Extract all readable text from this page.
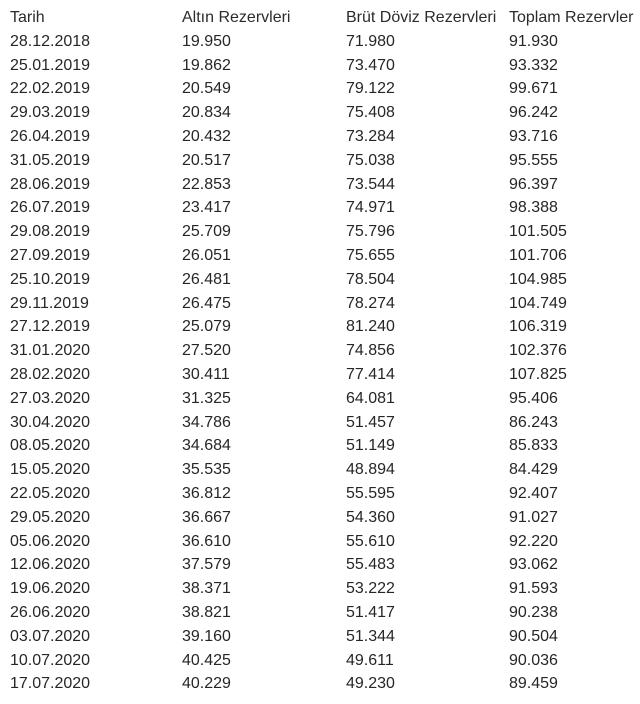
Tarih	Altın Rezervleri	Brüt Döviz Rezervleri	Toplam Rezervler
28.12.2018	19.950	71.980	91.930
25.01.2019	19.862	73.470	93.332
22.02.2019	20.549	79.122	99.671
29.03.2019	20.834	75.408	96.242
26.04.2019	20.432	73.284	93.716
31.05.2019	20.517	75.038	95.555
28.06.2019	22.853	73.544	96.397
26.07.2019	23.417	74.971	98.388
29.08.2019	25.709	75.796	101.505
27.09.2019	26.051	75.655	101.706
25.10.2019	26.481	78.504	104.985
29.11.2019	26.475	78.274	104.749
27.12.2019	25.079	81.240	106.319
31.01.2020	27.520	74.856	102.376
28.02.2020	30.411	77.414	107.825
27.03.2020	31.325	64.081	95.406
30.04.2020	34.786	51.457	86.243
08.05.2020	34.684	51.149	85.833
15.05.2020	35.535	48.894	84.429
22.05.2020	36.812	55.595	92.407
29.05.2020	36.667	54.360	91.027
05.06.2020	36.610	55.610	92.220
12.06.2020	37.579	55.483	93.062
19.06.2020	38.371	53.222	91.593
26.06.2020	38.821	51.417	90.238
03.07.2020	39.160	51.344	90.504
10.07.2020	40.425	49.611	90.036
17.07.2020	40.229	49.230	89.459
